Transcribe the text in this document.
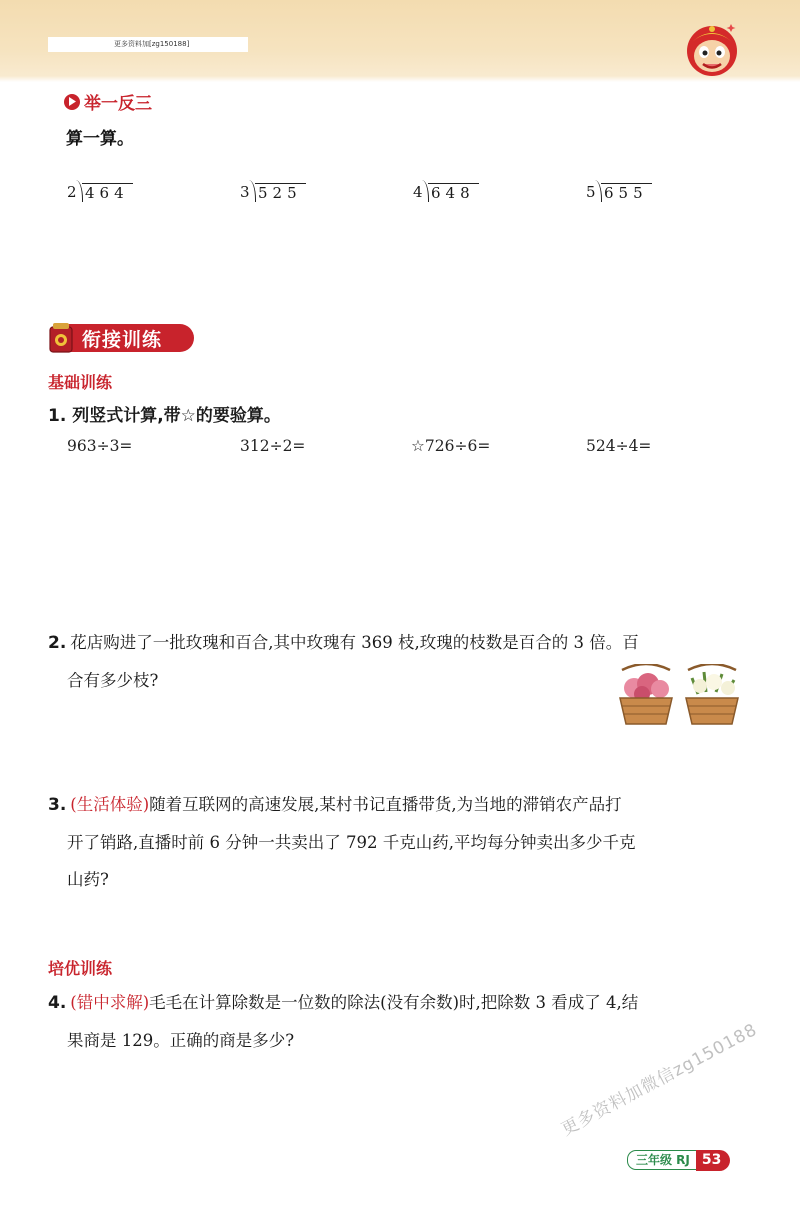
更多资料加[zg150188]
举一反三
算一算。
2 464	3 525	4 648	5 655
衔接训练
基础训练
1. 列竖式计算,带☆的要验算。
963÷3=	312÷2=	☆726÷6=	524÷4=
2. 花店购进了一批玫瑰和百合,其中玫瑰有 369 枝,玫瑰的枝数是百合的 3 倍。百
合有多少枝?
3. (生活体验)随着互联网的高速发展,某村书记直播带货,为当地的滞销农产品打
开了销路,直播时前 6 分钟一共卖出了 792 千克山药,平均每分钟卖出多少千克
山药?
培优训练
4. (错中求解)毛毛在计算除数是一位数的除法(没有余数)时,把除数 3 看成了 4,结
果商是 129。正确的商是多少?	更多资料加微信zg150188
三年级 RJ 53
